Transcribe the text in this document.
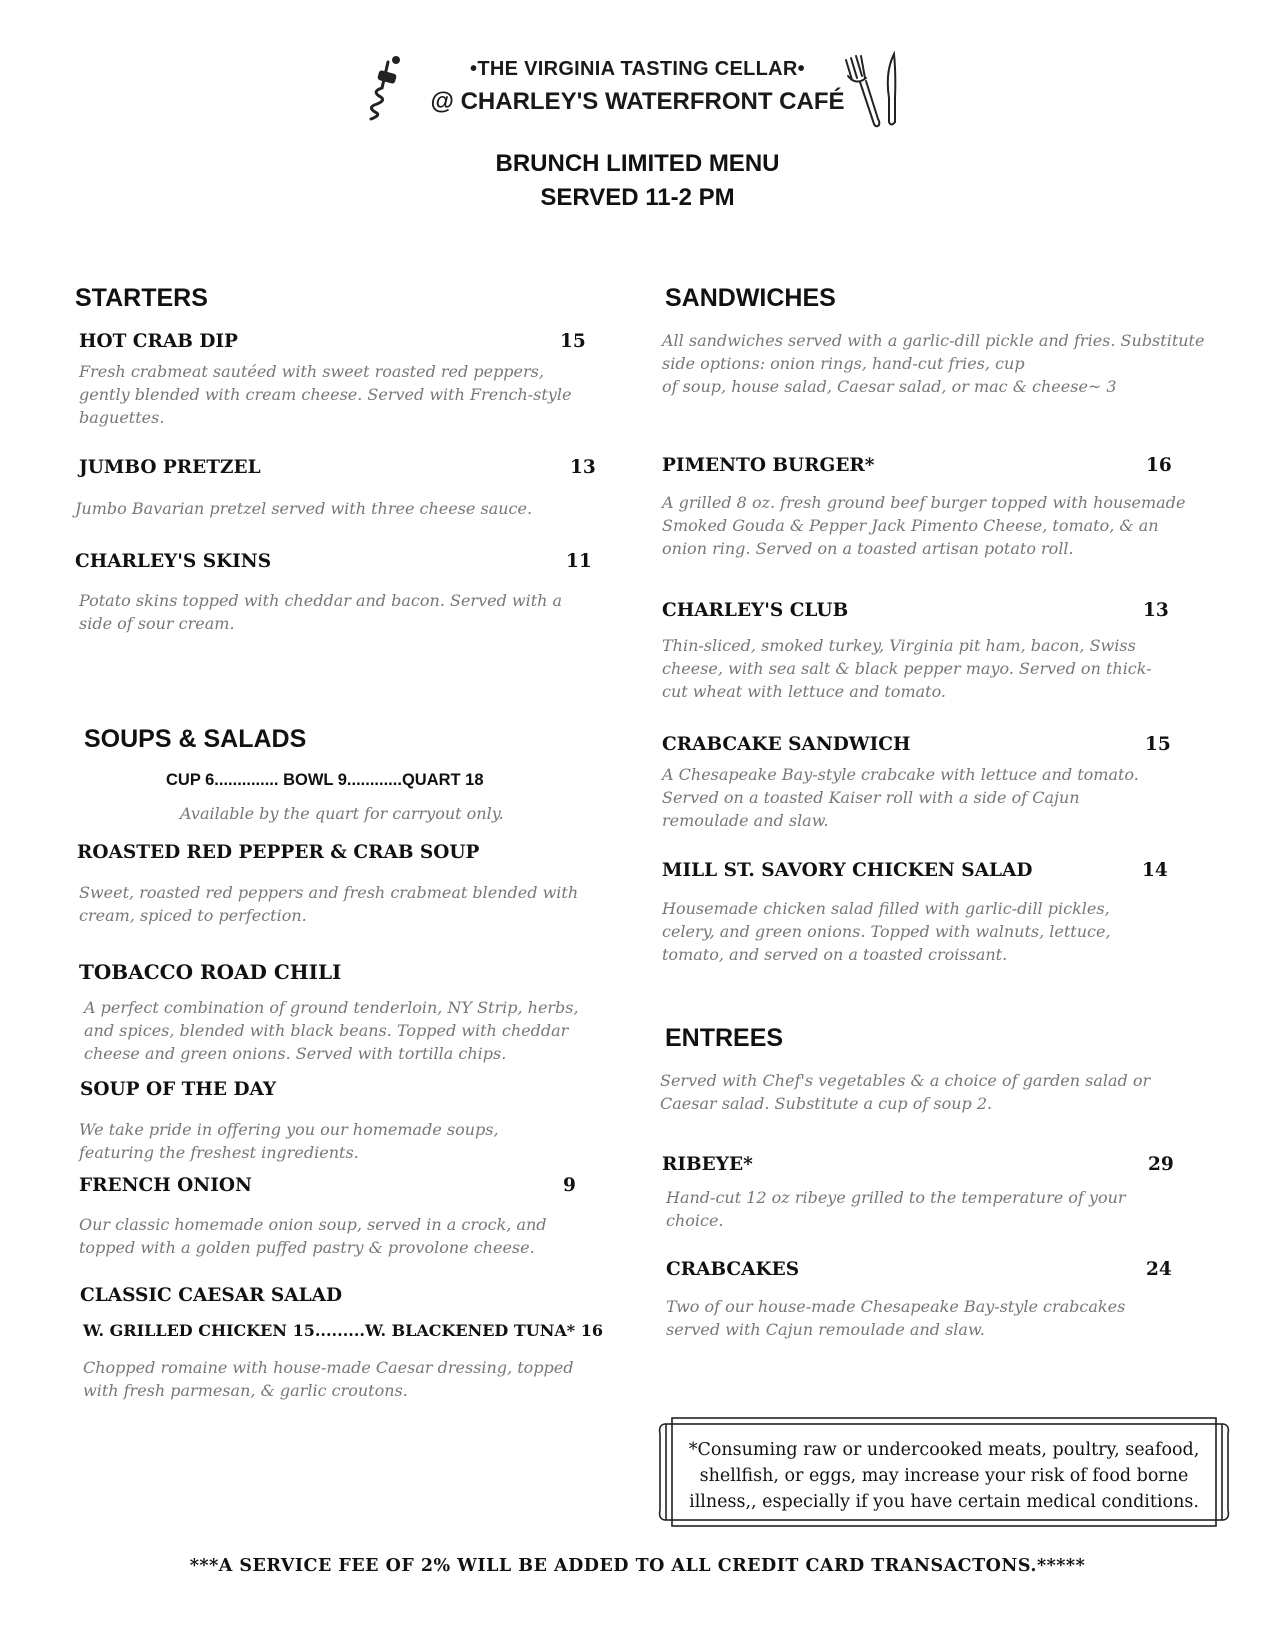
•THE VIRGINIA TASTING CELLAR•
@ CHARLEY'S WATERFRONT CAFÉ
BRUNCH LIMITED MENU
SERVED 11-2 PM
STARTERS
HOT CRAB DIP	15
Fresh crabmeat sautéed with sweet roasted red peppers,
gently blended with cream cheese. Served with French-style
baguettes.
JUMBO PRETZEL	13
Jumbo Bavarian pretzel served with three cheese sauce.
CHARLEY'S SKINS	11
Potato skins topped with cheddar and bacon. Served with a
side of sour cream.
SOUPS & SALADS
CUP 6.............. BOWL 9............QUART 18
Available by the quart for carryout only.
ROASTED RED PEPPER & CRAB SOUP
Sweet, roasted red peppers and fresh crabmeat blended with
cream, spiced to perfection.
TOBACCO ROAD CHILI
A perfect combination of ground tenderloin, NY Strip, herbs,
and spices, blended with black beans. Topped with cheddar
cheese and green onions. Served with tortilla chips.
SOUP OF THE DAY
We take pride in offering you our homemade soups,
featuring the freshest ingredients.
FRENCH ONION	9
Our classic homemade onion soup, served in a crock, and
topped with a golden puffed pastry & provolone cheese.
CLASSIC CAESAR SALAD
W. GRILLED CHICKEN 15.........W. BLACKENED TUNA* 16
Chopped romaine with house-made Caesar dressing, topped
with fresh parmesan, & garlic croutons.
SANDWICHES
All sandwiches served with a garlic-dill pickle and fries. Substitute
side options: onion rings, hand-cut fries, cup
of soup, house salad, Caesar salad, or mac & cheese~ 3
PIMENTO BURGER*	16
A grilled 8 oz. fresh ground beef burger topped with housemade
Smoked Gouda & Pepper Jack Pimento Cheese, tomato, & an
onion ring. Served on a toasted artisan potato roll.
CHARLEY'S CLUB	13
Thin-sliced, smoked turkey, Virginia pit ham, bacon, Swiss
cheese, with sea salt & black pepper mayo. Served on thick-
cut wheat with lettuce and tomato.
CRABCAKE SANDWICH	15
A Chesapeake Bay-style crabcake with lettuce and tomato.
Served on a toasted Kaiser roll with a side of Cajun
remoulade and slaw.
MILL ST. SAVORY CHICKEN SALAD	14
Housemade chicken salad filled with garlic-dill pickles,
celery, and green onions. Topped with walnuts, lettuce,
tomato, and served on a toasted croissant.
ENTREES
Served with Chef's vegetables & a choice of garden salad or
Caesar salad. Substitute a cup of soup 2.
RIBEYE*	29
Hand-cut 12 oz ribeye grilled to the temperature of your
choice.
CRABCAKES	24
Two of our house-made Chesapeake Bay-style crabcakes
served with Cajun remoulade and slaw.
*Consuming raw or undercooked meats, poultry, seafood,
shellfish, or eggs, may increase your risk of food borne
illness,, especially if you have certain medical conditions.
***A SERVICE FEE OF 2% WILL BE ADDED TO ALL CREDIT CARD TRANSACTONS.*****
